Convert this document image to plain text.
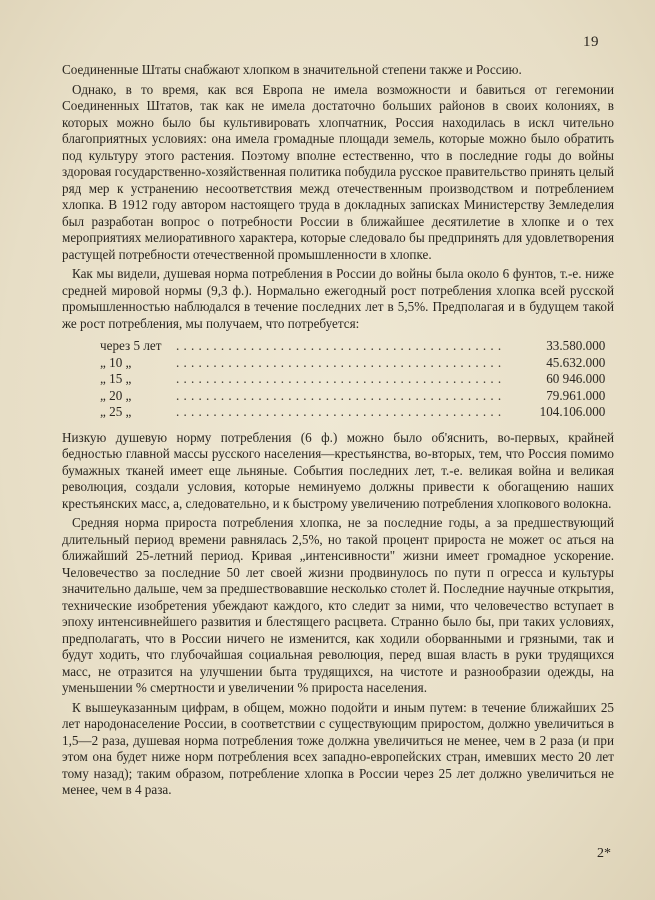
19

Соединенные Штаты снабжают хлопком в значительной степени также и Россию.

Однако, в то время, как вся Европа не имела возможности и бавиться от гегемонии Соединенных Штатов, так как не имела достаточно больших районов в своих колониях, в которых можно было бы культивировать хлопчатник, Россия находилась в искл чительно благоприятных условиях: она имела громадные площади земель, которые можно было обратить под культуру этого растения. Поэтому вполне естественно, что в последние годы до войны здоровая государственно-хозяйственная политика побудила русское правительство принять целый ряд мер к устранению несоответствия межд отечественным производством и потреблением хлопка. В 1912 году автором настоящего труда в докладных записках Министерству Земледелия был разработан вопрос о потребности России в ближайшее десятилетие в хлопке и о тех мероприятиях мелиоративного характера, которые следовало бы предпринять для удовлетворения растущей потребности отечественной промышленности в хлопке.

Как мы видели, душевая норма потребления в России до войны была около 6 фунтов, т.-е. ниже средней мировой нормы (9,3 ф.). Нормально ежегодный рост потребления хлопка всей русской промышленностью наблюдался в течение последних лет в 5,5%. Предполагая и в будущем такой же рост потребления, мы получаем, что потребуется:

через 5 лет	............................................	33.580.000
„ 10 „	............................................	45.632.000
„ 15 „	............................................	60 946.000
„ 20 „	............................................	79.961.000
„ 25 „	............................................	104.106.000

Низкую душевую норму потребления (6 ф.) можно было об'яснить, во-первых, крайней бедностью главной массы русского населения—крестьянства, во-вторых, тем, что Россия помимо бумажных тканей имеет еще льняные. События последних лет, т.-е. великая война и великая революция, создали условия, которые неминуемо должны привести к обогащению наших крестьянских масс, а, следовательно, и к быстрому увеличению потребления хлопкового волокна.

Средняя норма прироста потребления хлопка, не за последние годы, а за предшествующий длительный период времени равнялась 2,5%, но такой процент прироста не может ос аться на ближайший 25-летний период. Кривая „интенсивности" жизни имеет громадное ускорение. Человечество за последние 50 лет своей жизни продвинулось по пути п огресса и культуры значительно дальше, чем за предшествовавшие несколько столет й. Последние научные открытия, технические изобретения убеждают каждого, кто следит за ними, что человечество вступает в эпоху интенсивнейшего развития и блестящего расцвета. Странно было бы, при таких условиях, предполагать, что в России ничего не изменится, как ходили оборванными и грязными, так и будут ходить, что глубочайшая социальная революция, перед вшая власть в руки трудящихся масс, не отразится на улучшении быта трудящихся, на чистоте и разнообразии одежды, на уменьшении % смертности и увеличении % прироста населения.

К вышеуказанным цифрам, в общем, можно подойти и иным путем: в течение ближайших 25 лет народонаселение России, в соответствии с существующим приростом, должно увеличиться в 1,5—2 раза, душевая норма потребления тоже должна увеличиться не менее, чем в 2 раза (и при этом она будет ниже норм потребления всех западно-европейских стран, имевших место 20 лет тому назад); таким образом, потребление хлопка в России через 25 лет должно увеличиться не менее, чем в 4 раза.

2*
